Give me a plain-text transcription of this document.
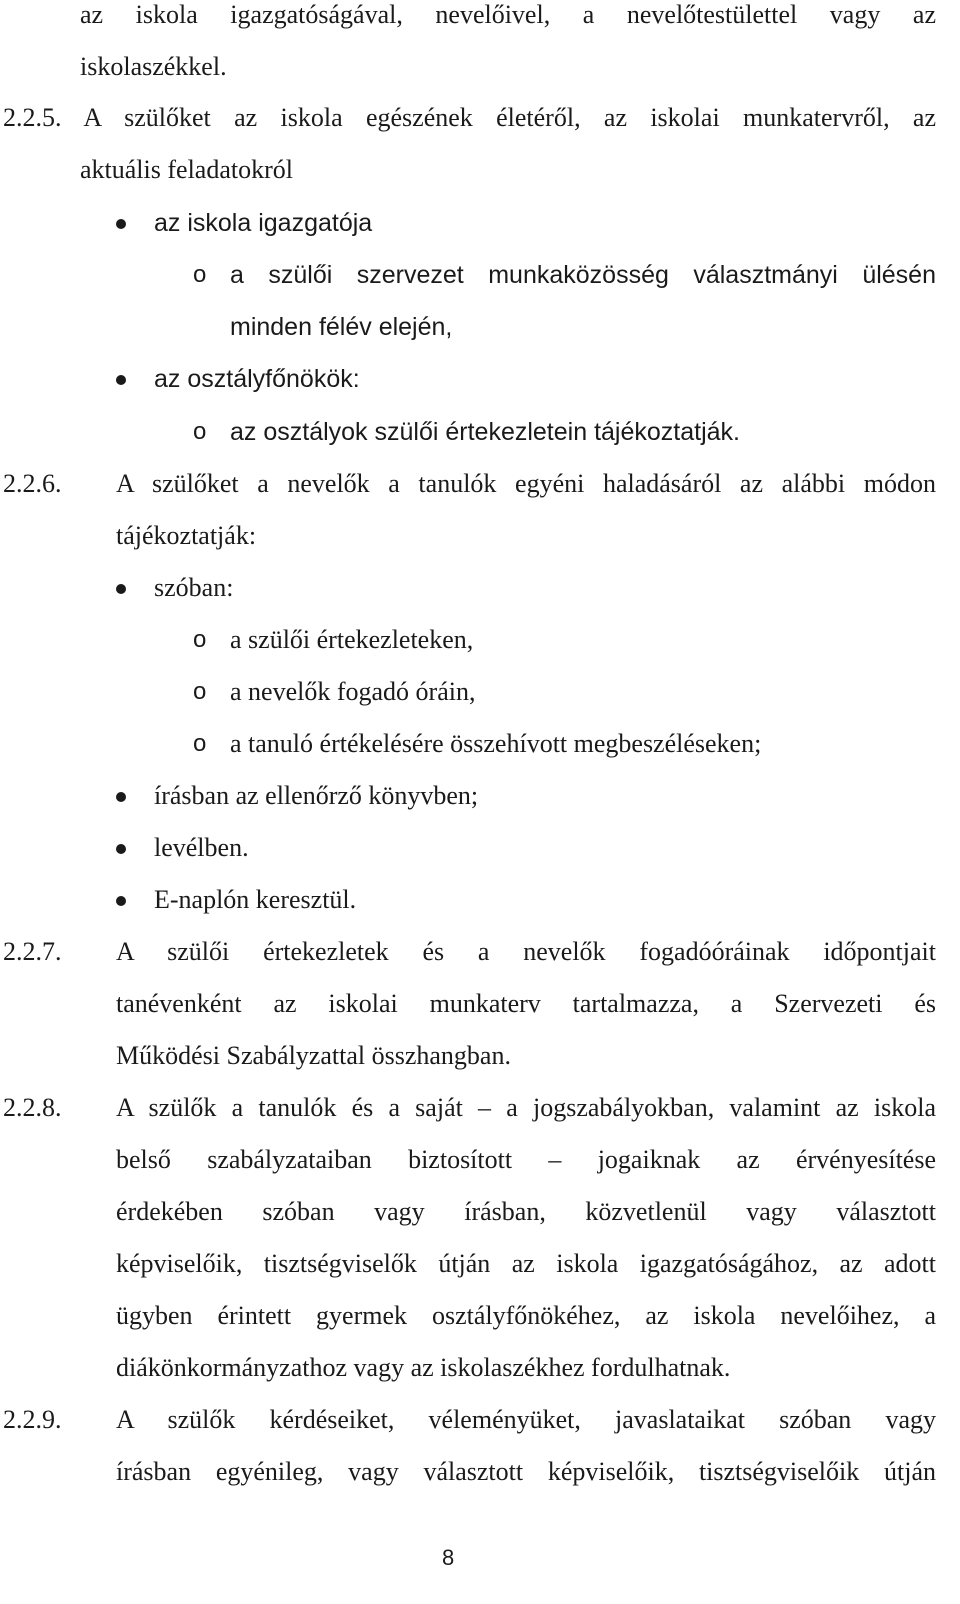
az iskola igazgatóságával, nevelőivel, a nevelőtestülettel vagy az
iskolaszékkel.
2.2.5. A szülőket az iskola egészének életéről, az iskolai munkatervről, az
aktuális feladatokról
az iskola igazgatója
o a szülői szervezet munkaközösség választmányi ülésén
minden félév elején,
az osztályfőnökök:
o az osztályok szülői értekezletein tájékoztatják.
2.2.6. A szülőket a nevelők a tanulók egyéni haladásáról az alábbi módon
tájékoztatják:
szóban:
o a szülői értekezleteken,
o a nevelők fogadó óráin,
o a tanuló értékelésére összehívott megbeszéléseken;
írásban az ellenőrző könyvben;
levélben.
E-naplón keresztül.
2.2.7. A szülői értekezletek és a nevelők fogadóóráinak időpontjait
tanévenként az iskolai munkaterv tartalmazza, a Szervezeti és
Működési Szabályzattal összhangban.
2.2.8. A szülők a tanulók és a saját – a jogszabályokban, valamint az iskola
belső szabályzataiban biztosított – jogaiknak az érvényesítése
érdekében szóban vagy írásban, közvetlenül vagy választott
képviselőik, tisztségviselők útján az iskola igazgatóságához, az adott
ügyben érintett gyermek osztályfőnökéhez, az iskola nevelőihez, a
diákönkormányzathoz vagy az iskolaszékhez fordulhatnak.
2.2.9. A szülők kérdéseiket, véleményüket, javaslataikat szóban vagy
írásban egyénileg, vagy választott képviselőik, tisztségviselőik útján
8
